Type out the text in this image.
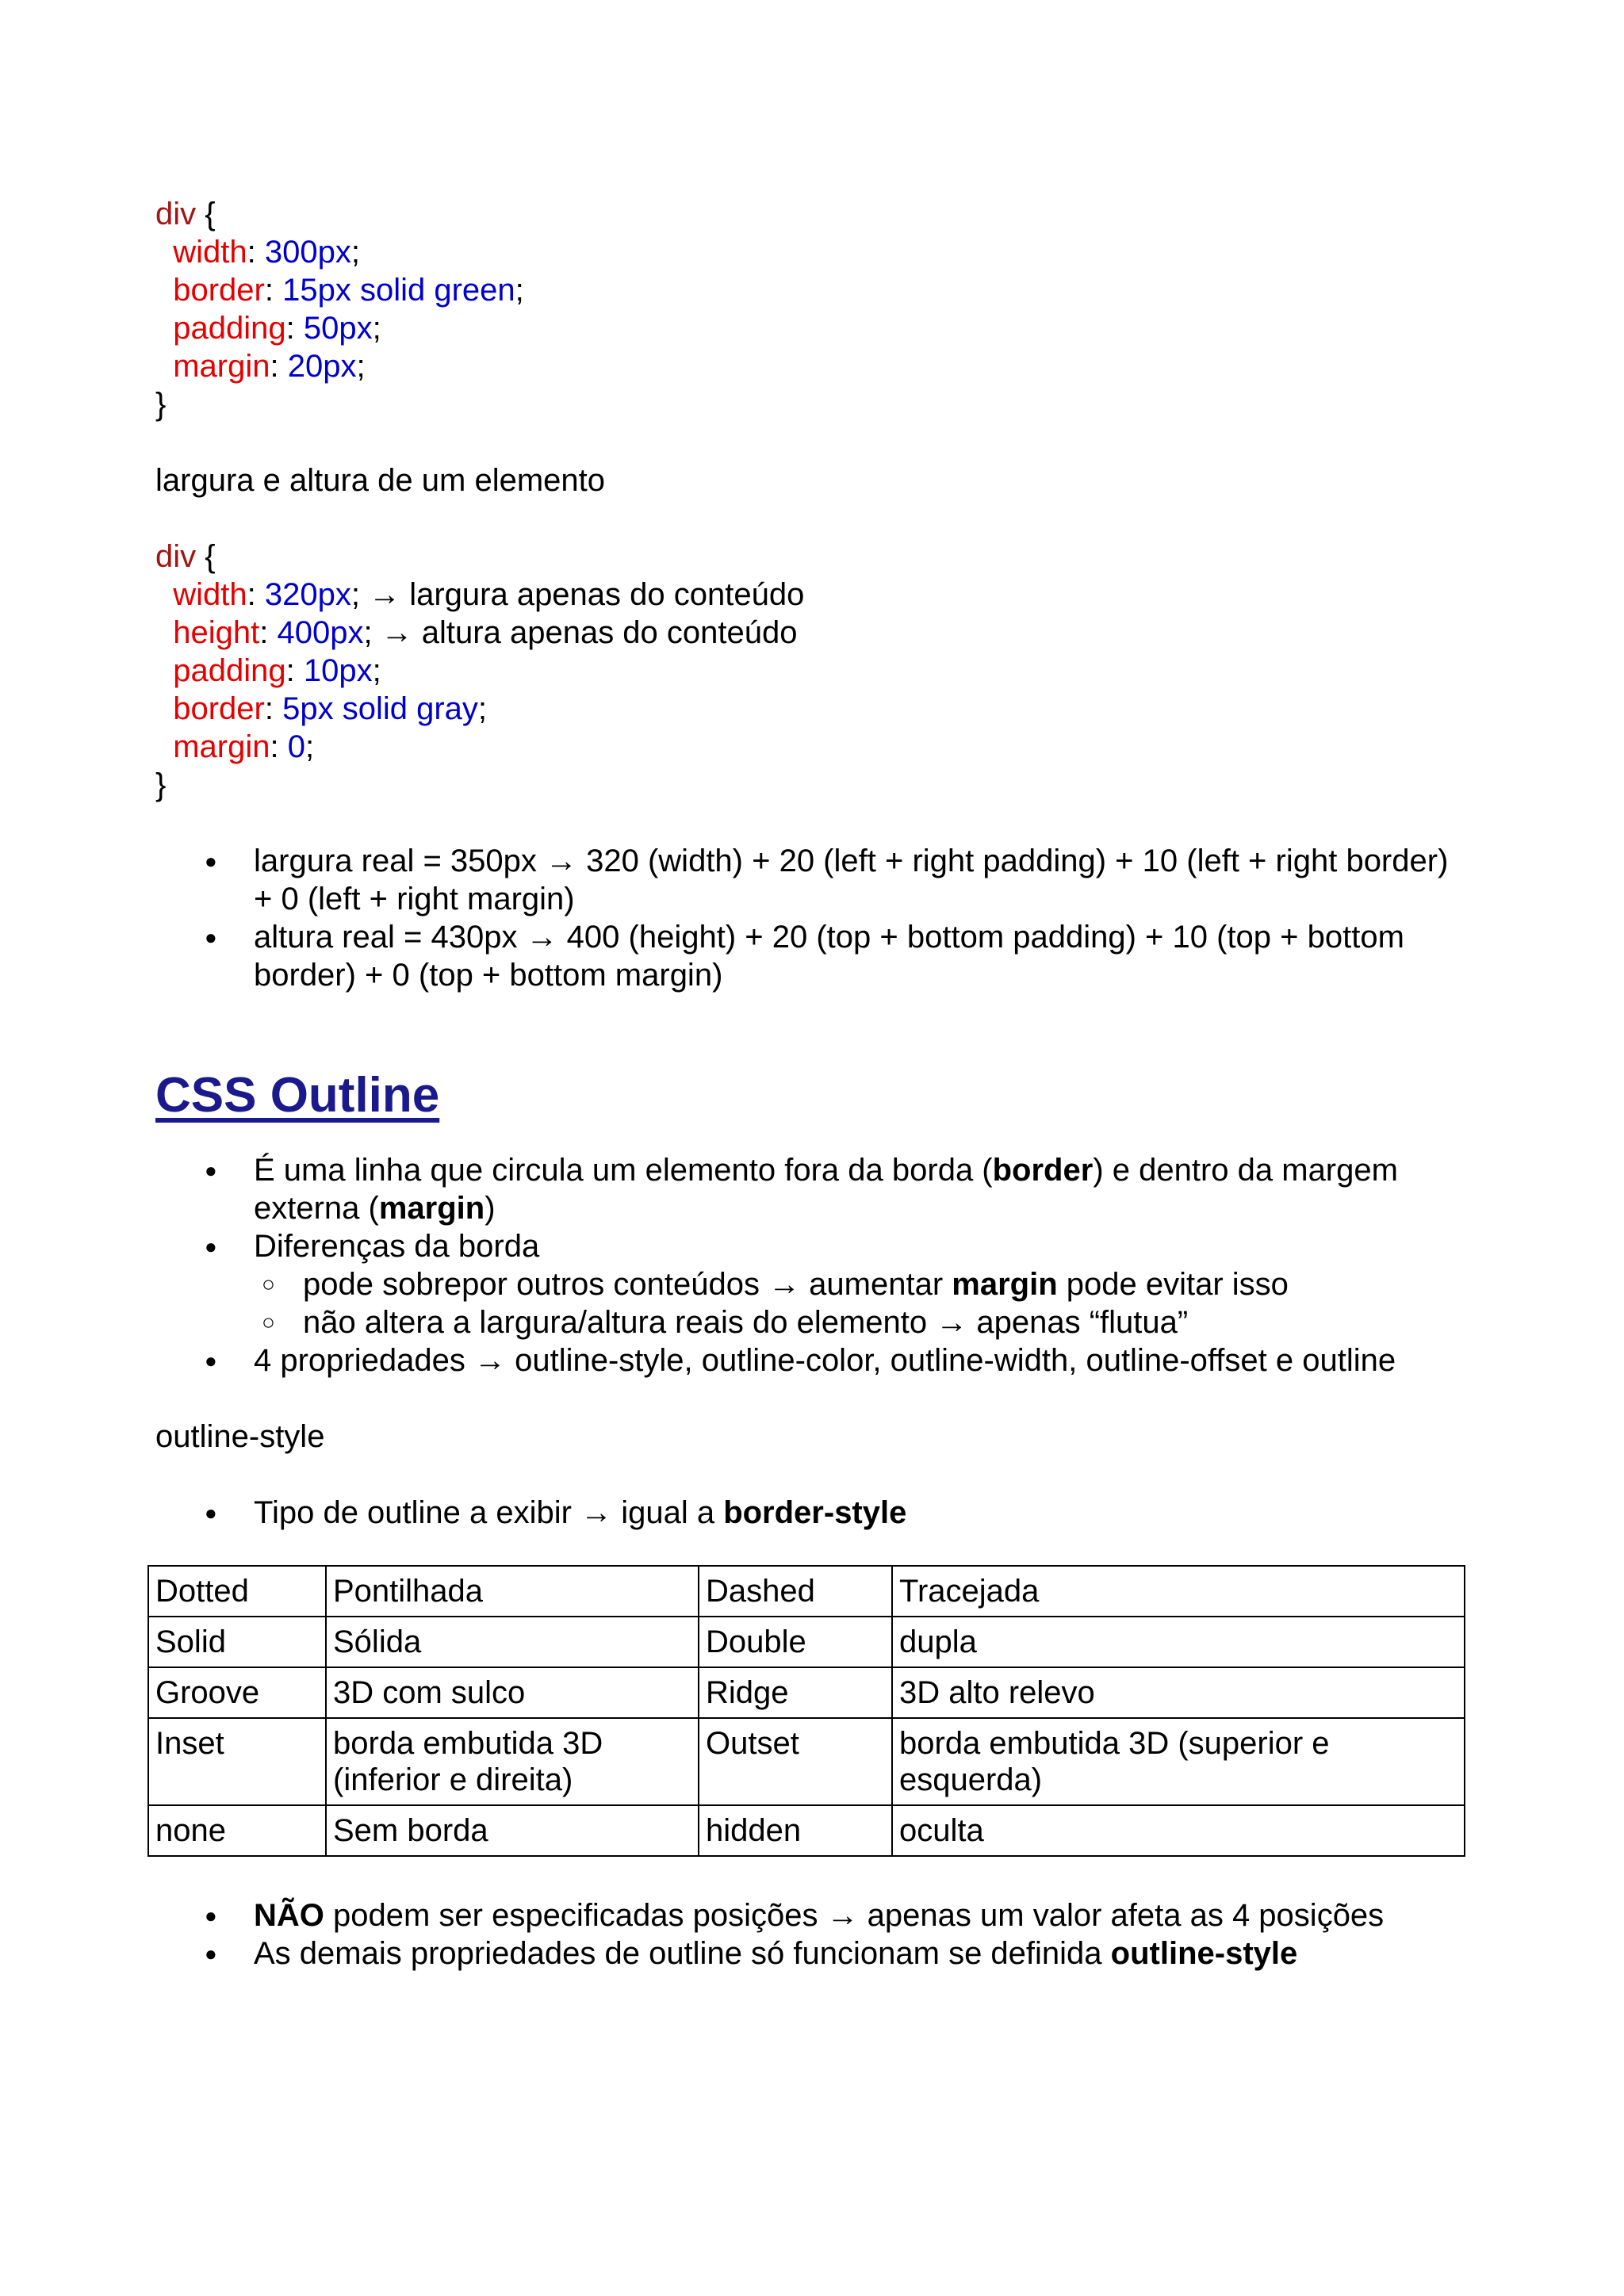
div {
width: 300px;
border: 15px solid green;
padding: 50px;
margin: 20px;
}

largura e altura de um elemento

div {
width: 320px; → largura apenas do conteúdo
height: 400px; → altura apenas do conteúdo
padding: 10px;
border: 5px solid gray;
margin: 0;
}
● largura real = 350px → 320 (width) + 20 (left + right padding) + 10 (left + right border) + 0 (left + right margin)
● altura real = 430px → 400 (height) + 20 (top + bottom padding) + 10 (top + bottom border) + 0 (top + bottom margin)
CSS Outline
● É uma linha que circula um elemento fora da borda (border) e dentro da margem externa (margin)
● Diferenças da borda
○ pode sobrepor outros conteúdos → aumentar margin pode evitar isso
○ não altera a largura/altura reais do elemento → apenas “flutua”
● 4 propriedades → outline-style, outline-color, outline-width, outline-offset e outline

outline-style

● Tipo de outline a exibir → igual a border-style
Dotted	Pontilhada	Dashed	Tracejada
Solid	Sólida	Double	dupla
Groove	3D com sulco	Ridge	3D alto relevo
Inset	borda embutida 3D (inferior e direita)	Outset	borda embutida 3D (superior e esquerda)
none	Sem borda	hidden	oculta
● NÃO podem ser especificadas posições → apenas um valor afeta as 4 posições
● As demais propriedades de outline só funcionam se definida outline-style
